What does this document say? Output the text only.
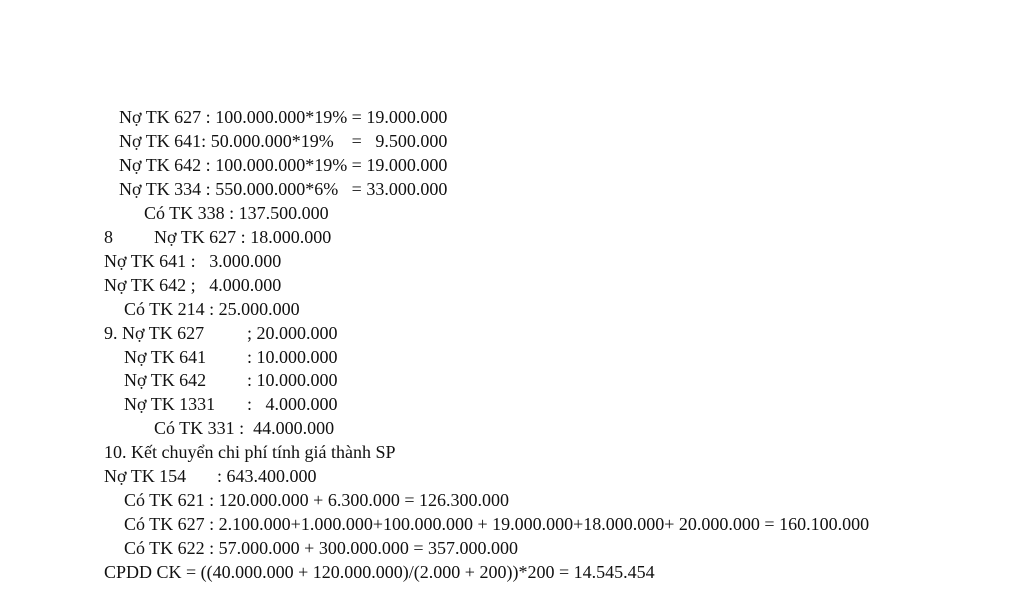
Nợ TK 627 : 100.000.000*19% = 19.000.000
Nợ TK 641: 50.000.000*19%    =   9.500.000
Nợ TK 642 : 100.000.000*19% = 19.000.000
Nợ TK 334 : 550.000.000*6%   = 33.000.000
Có TK 338 : 137.500.000
8 Nợ TK 627 : 18.000.000
Nợ TK 641 :   3.000.000
Nợ TK 642 ;   4.000.000
Có TK 214 : 25.000.000
9. Nợ TK 627 ; 20.000.000
Nợ TK 641 : 10.000.000
Nợ TK 642 : 10.000.000
Nợ TK 1331 :   4.000.000
Có TK 331 :  44.000.000
10. Kết chuyển chi phí tính giá thành SP
Nợ TK 154 : 643.400.000
Có TK 621 : 120.000.000 + 6.300.000 = 126.300.000
Có TK 627 : 2.100.000+1.000.000+100.000.000 + 19.000.000+18.000.000+ 20.000.000 = 160.100.000
Có TK 622 : 57.000.000 + 300.000.000 = 357.000.000
CPDD CK = ((40.000.000 + 120.000.000)/(2.000 + 200))*200 = 14.545.454
